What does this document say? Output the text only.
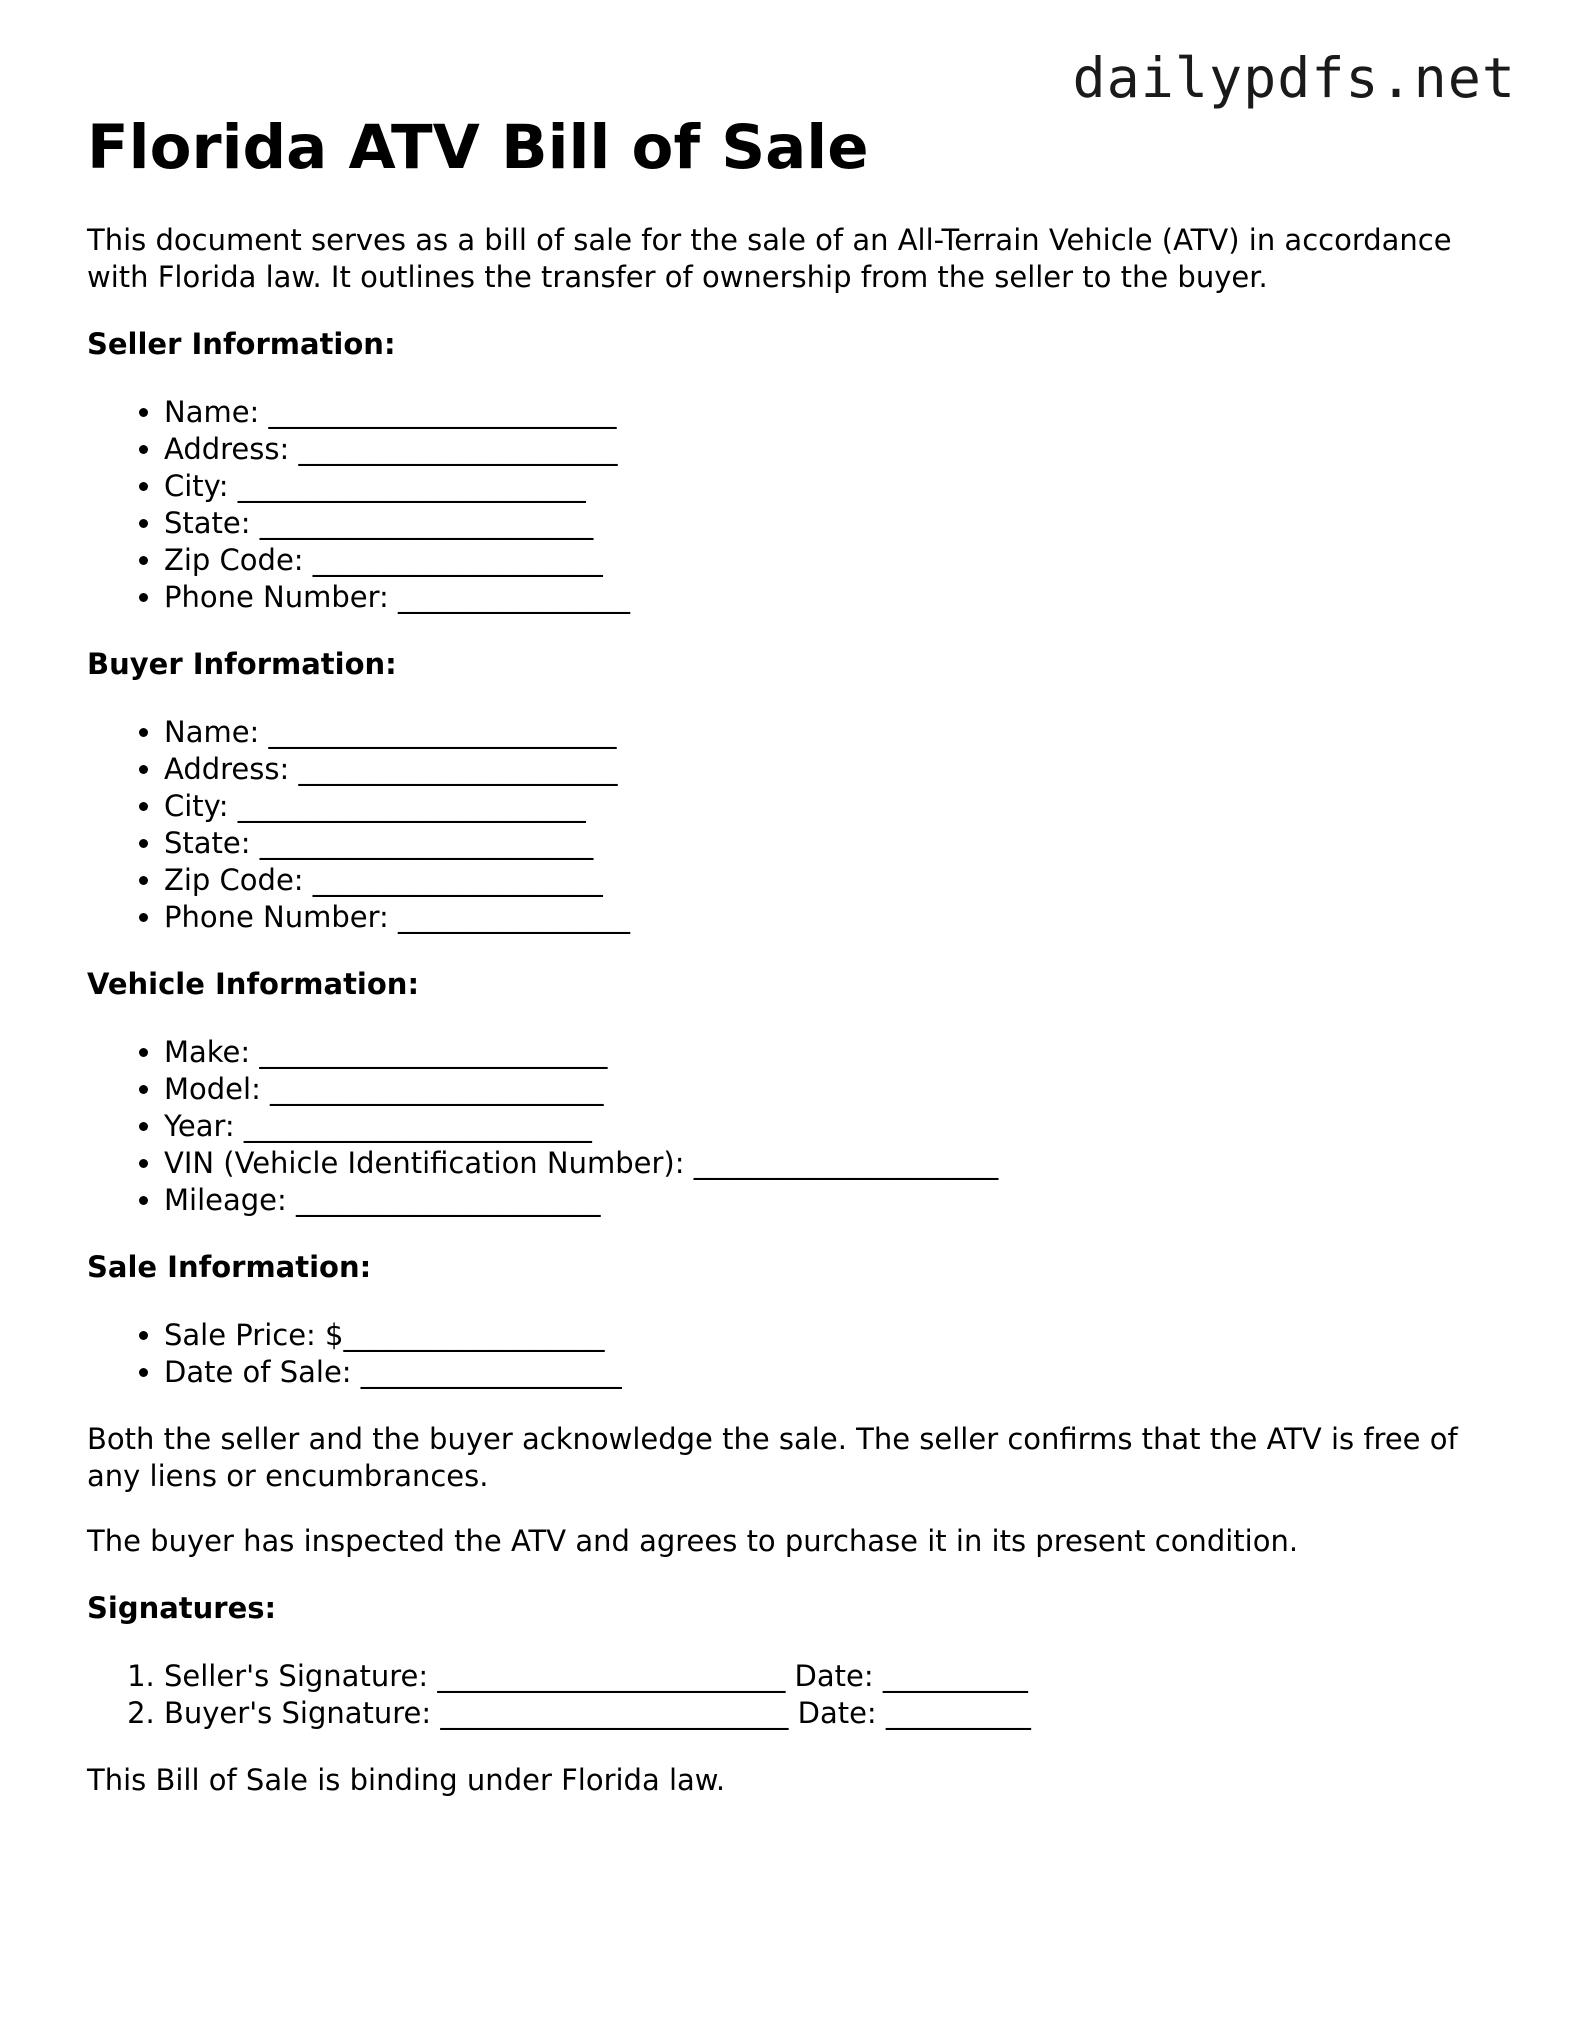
dailypdfs.net
Florida ATV Bill of Sale

This document serves as a bill of sale for the sale of an All-Terrain Vehicle (ATV) in accordance with Florida law. It outlines the transfer of ownership from the seller to the buyer.

Seller Information:
• Name: ________________________
• Address: ______________________
• City: ________________________
• State: _______________________
• Zip Code: ____________________
• Phone Number: ________________
Buyer Information:
• Name: ________________________
• Address: ______________________
• City: ________________________
• State: _______________________
• Zip Code: ____________________
• Phone Number: ________________
Vehicle Information:
• Make: ________________________
• Model: _______________________
• Year: ________________________
• VIN (Vehicle Identification Number): _____________________
• Mileage: _____________________
Sale Information:
• Sale Price: $__________________
• Date of Sale: __________________

Both the seller and the buyer acknowledge the sale. The seller confirms that the ATV is free of any liens or encumbrances.

The buyer has inspected the ATV and agrees to purchase it in its present condition.

Signatures:
1. Seller's Signature: ________________________ Date: __________
2. Buyer's Signature: ________________________ Date: __________

This Bill of Sale is binding under Florida law.
